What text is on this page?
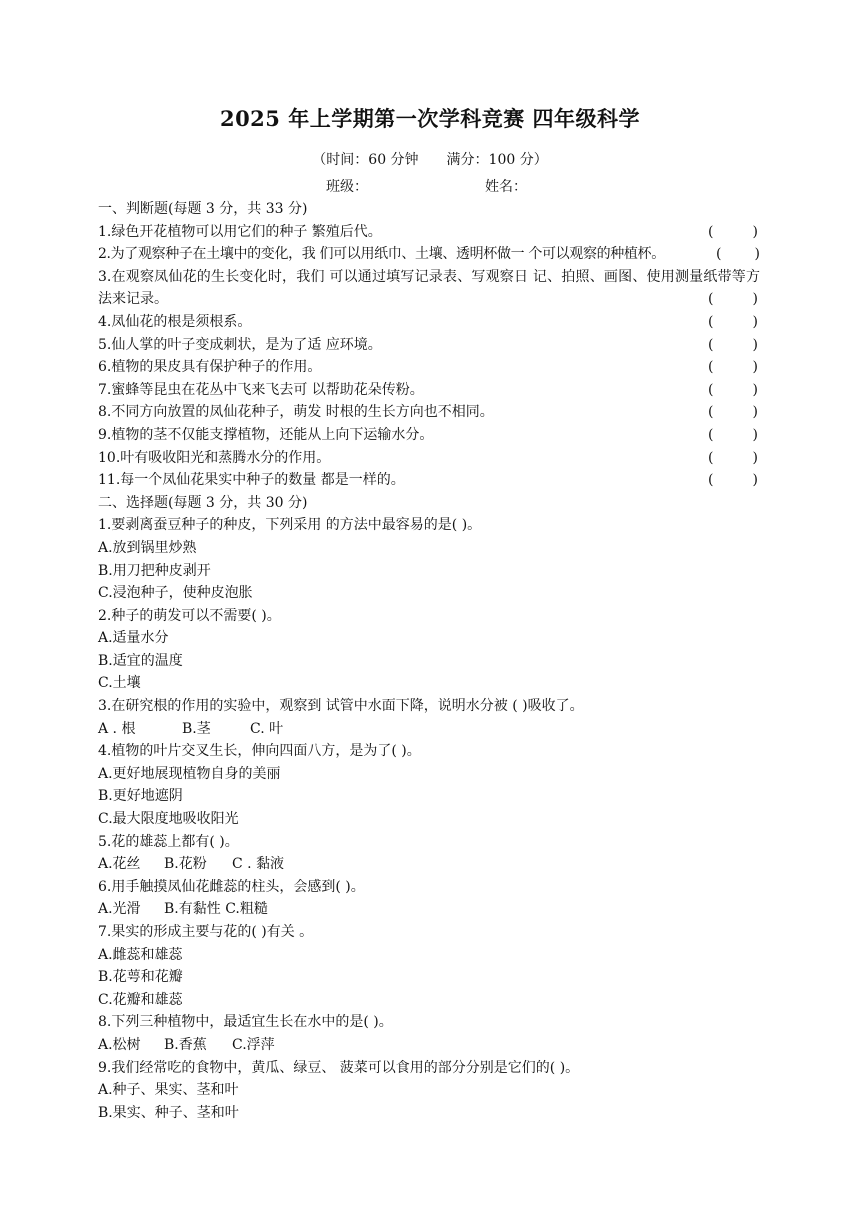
2025 年上学期第一次学科竞赛 四年级科学
（时间：60 分钟 满分：100 分）
班级：	姓名：
一、判断题(每题 3 分，共 33 分)
1.绿色开花植物可以用它们的种子 繁殖后代。	(	)
2.为了观察种子在土壤中的变化，我 们可以用纸巾、土壤、透明杯做一 个可以观察的种植杯。	( )
3.在观察凤仙花的生长变化时，我们 可以通过填写记录表、写观察日 记、拍照、画图、使用测量纸带等方 法来记录。	(	)
4.凤仙花的根是须根系。	(	)
5.仙人掌的叶子变成刺状，是为了适 应环境。	(	)
6.植物的果皮具有保护种子的作用。	(	)
7.蜜蜂等昆虫在花丛中飞来飞去可 以帮助花朵传粉。	(	)
8.不同方向放置的凤仙花种子，萌发 时根的生长方向也不相同。	(	)
9.植物的茎不仅能支撑植物，还能从上向下运输水分。	(	)
10.叶有吸收阳光和蒸腾水分的作用。	(	)
11.每一个凤仙花果实中种子的数量 都是一样的。	(	)
二、选择题(每题 3 分，共 30 分)
1.要剥离蚕豆种子的种皮，下列采用 的方法中最容易的是( )。
A.放到锅里炒熟
B.用刀把种皮剥开
C.浸泡种子，使种皮泡胀
2.种子的萌发可以不需要( )。
A.适量水分
B.适宜的温度
C.土壤
3.在研究根的作用的实验中，观察到 试管中水面下降，说明水分被 ( )吸收了。
A . 根	B.茎	C. 叶
4.植物的叶片交叉生长，伸向四面八方，是为了( )。
A.更好地展现植物自身的美丽
B.更好地遮阴
C.最大限度地吸收阳光
5.花的雄蕊上都有( )。
A.花丝 B.花粉 C . 黏液
6.用手触摸凤仙花雌蕊的柱头，会感到( )。
A.光滑 B.有黏性 C.粗糙
7.果实的形成主要与花的( )有关 。
A.雌蕊和雄蕊
B.花萼和花瓣
C.花瓣和雄蕊
8.下列三种植物中，最适宜生长在水中的是( )。
A.松树 B.香蕉 C.浮萍
9.我们经常吃的食物中，黄瓜、绿豆、 菠菜可以食用的部分分别是它们的( )。
A.种子、果实、茎和叶
B.果实、种子、茎和叶
